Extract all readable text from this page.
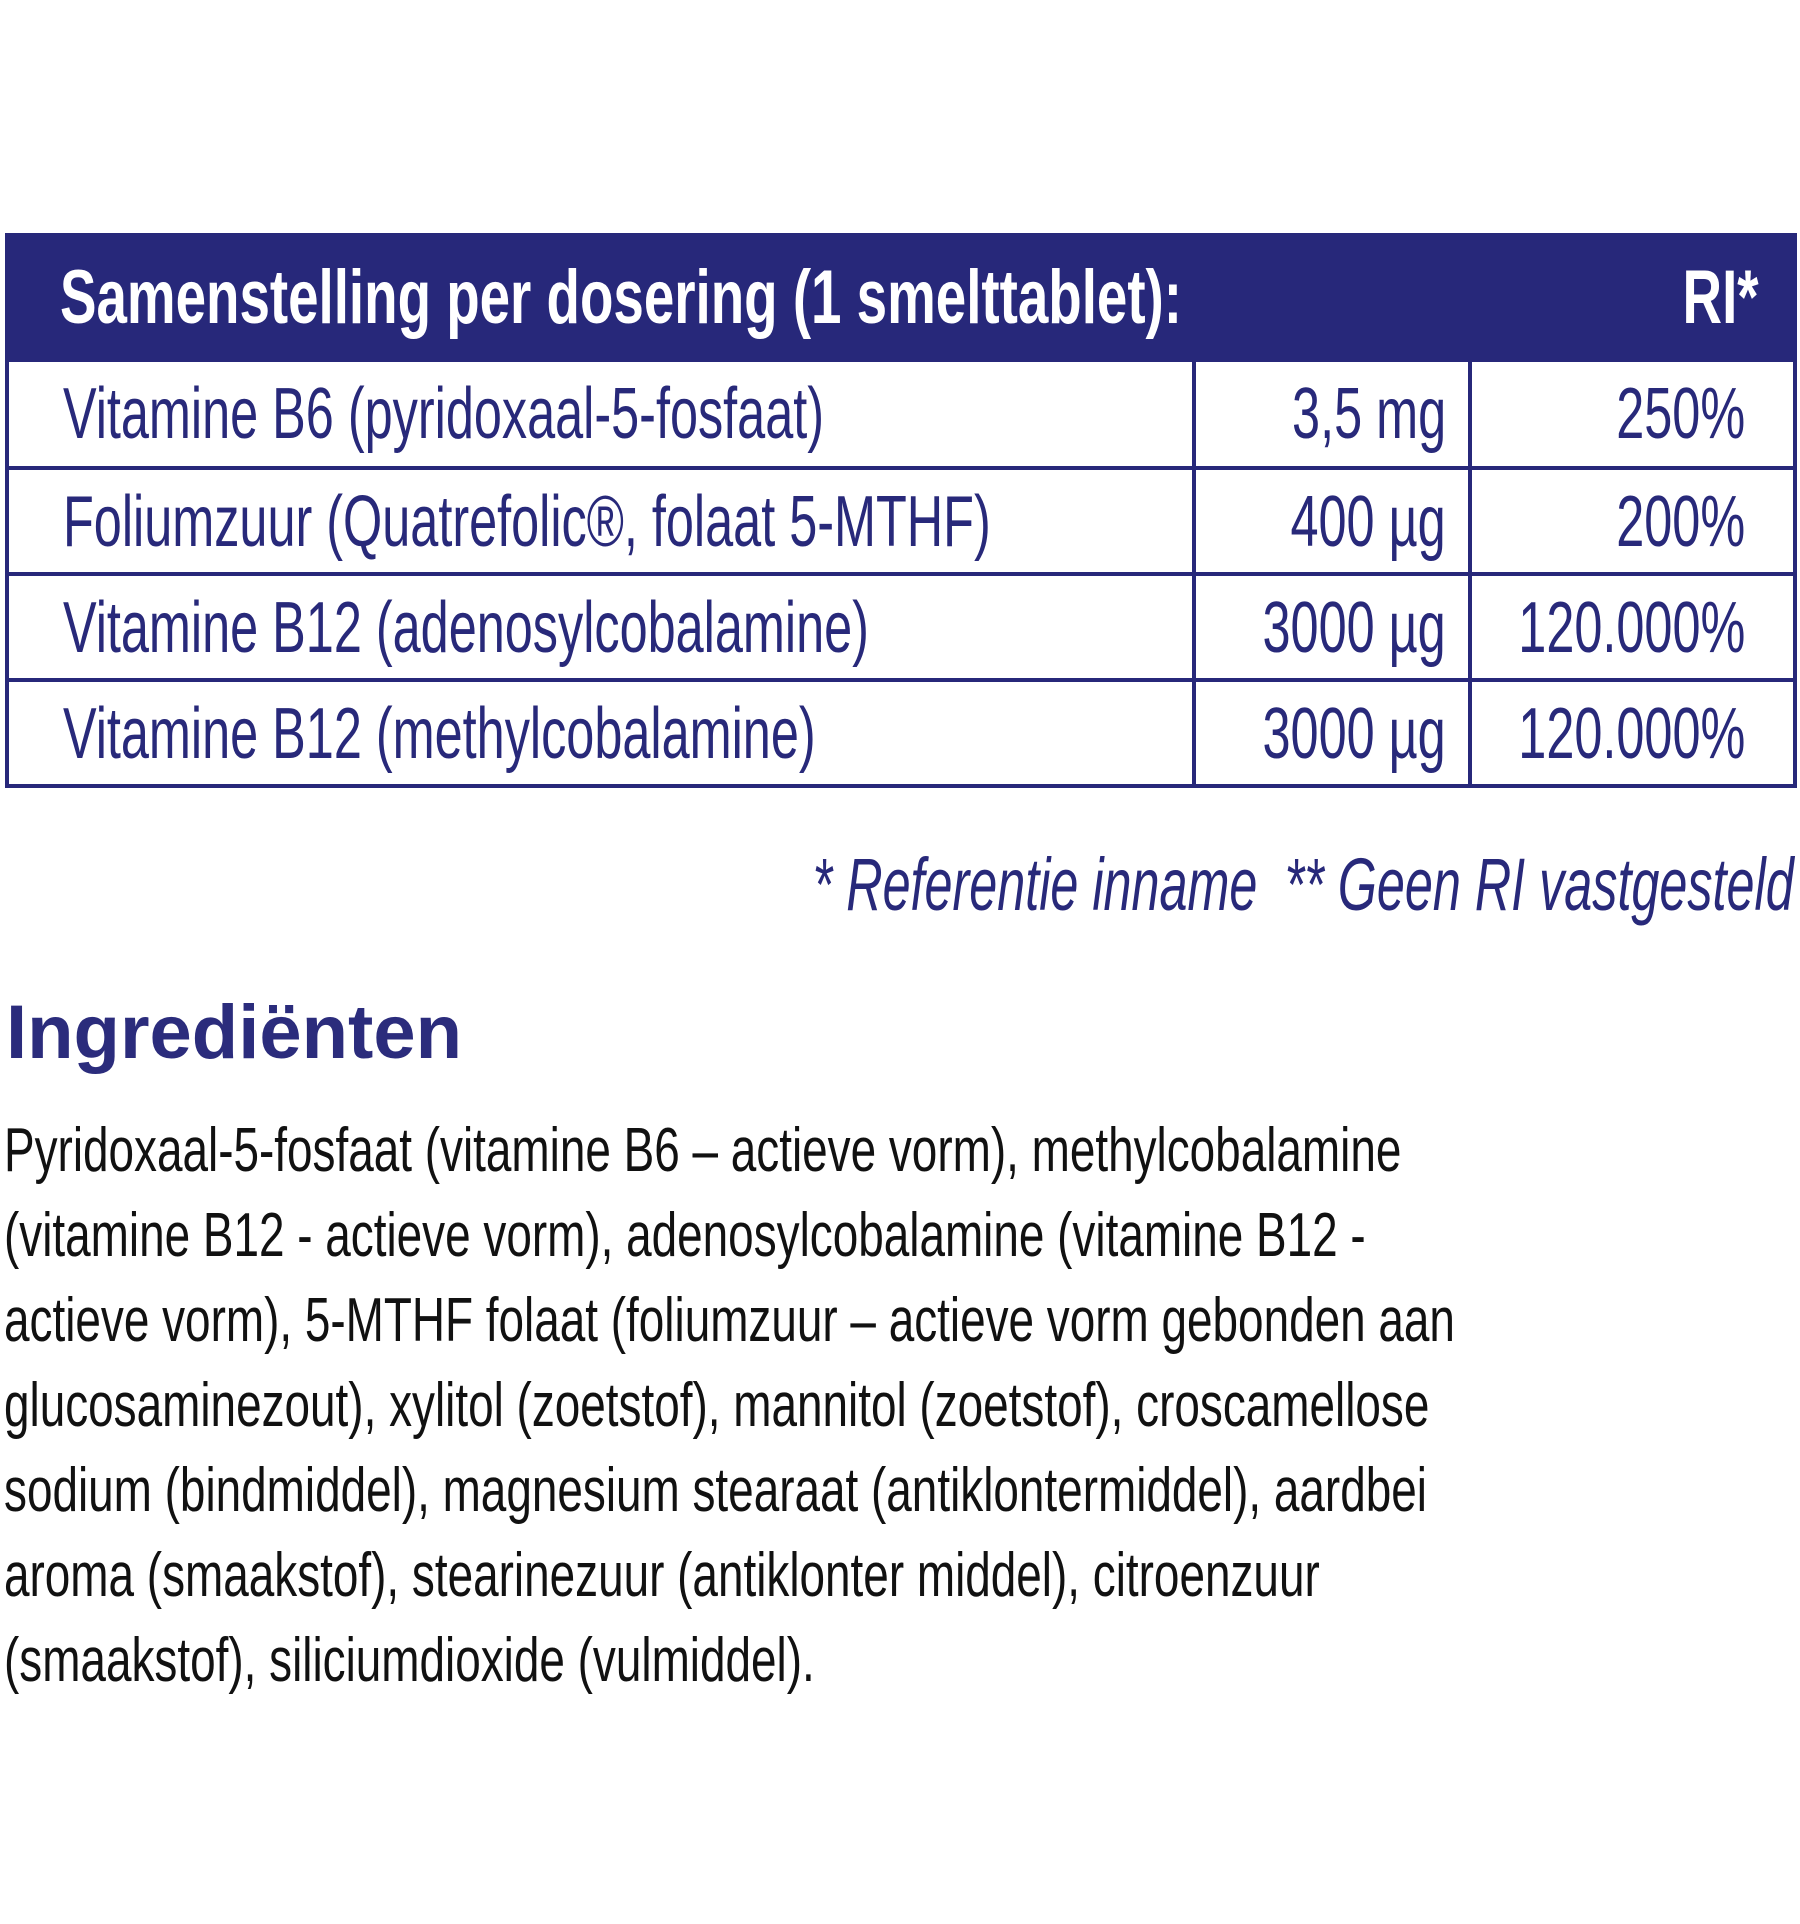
Samenstelling per dosering (1 smelttablet):	RI*
Vitamine B6 (pyridoxaal-5-fosfaat)	3,5 mg 250%
Foliumzuur (Quatrefolic®, folaat 5-MTHF)	400 µg 200%
Vitamine B12 (adenosylcobalamine)	3000 µg 120.000%
Vitamine B12 (methylcobalamine)	3000 µg 120.000%
* Referentie inname ** Geen RI vastgesteld
Ingrediënten
Pyridoxaal-5-fosfaat (vitamine B6 – actieve vorm), methylcobalamine
(vitamine B12 - actieve vorm), adenosylcobalamine (vitamine B12 -
actieve vorm), 5-MTHF folaat (foliumzuur – actieve vorm gebonden aan
glucosaminezout), xylitol (zoetstof), mannitol (zoetstof), croscamellose
sodium (bindmiddel), magnesium stearaat (antiklontermiddel), aardbei
aroma (smaakstof), stearinezuur (antiklonter middel), citroenzuur
(smaakstof), siliciumdioxide (vulmiddel).
